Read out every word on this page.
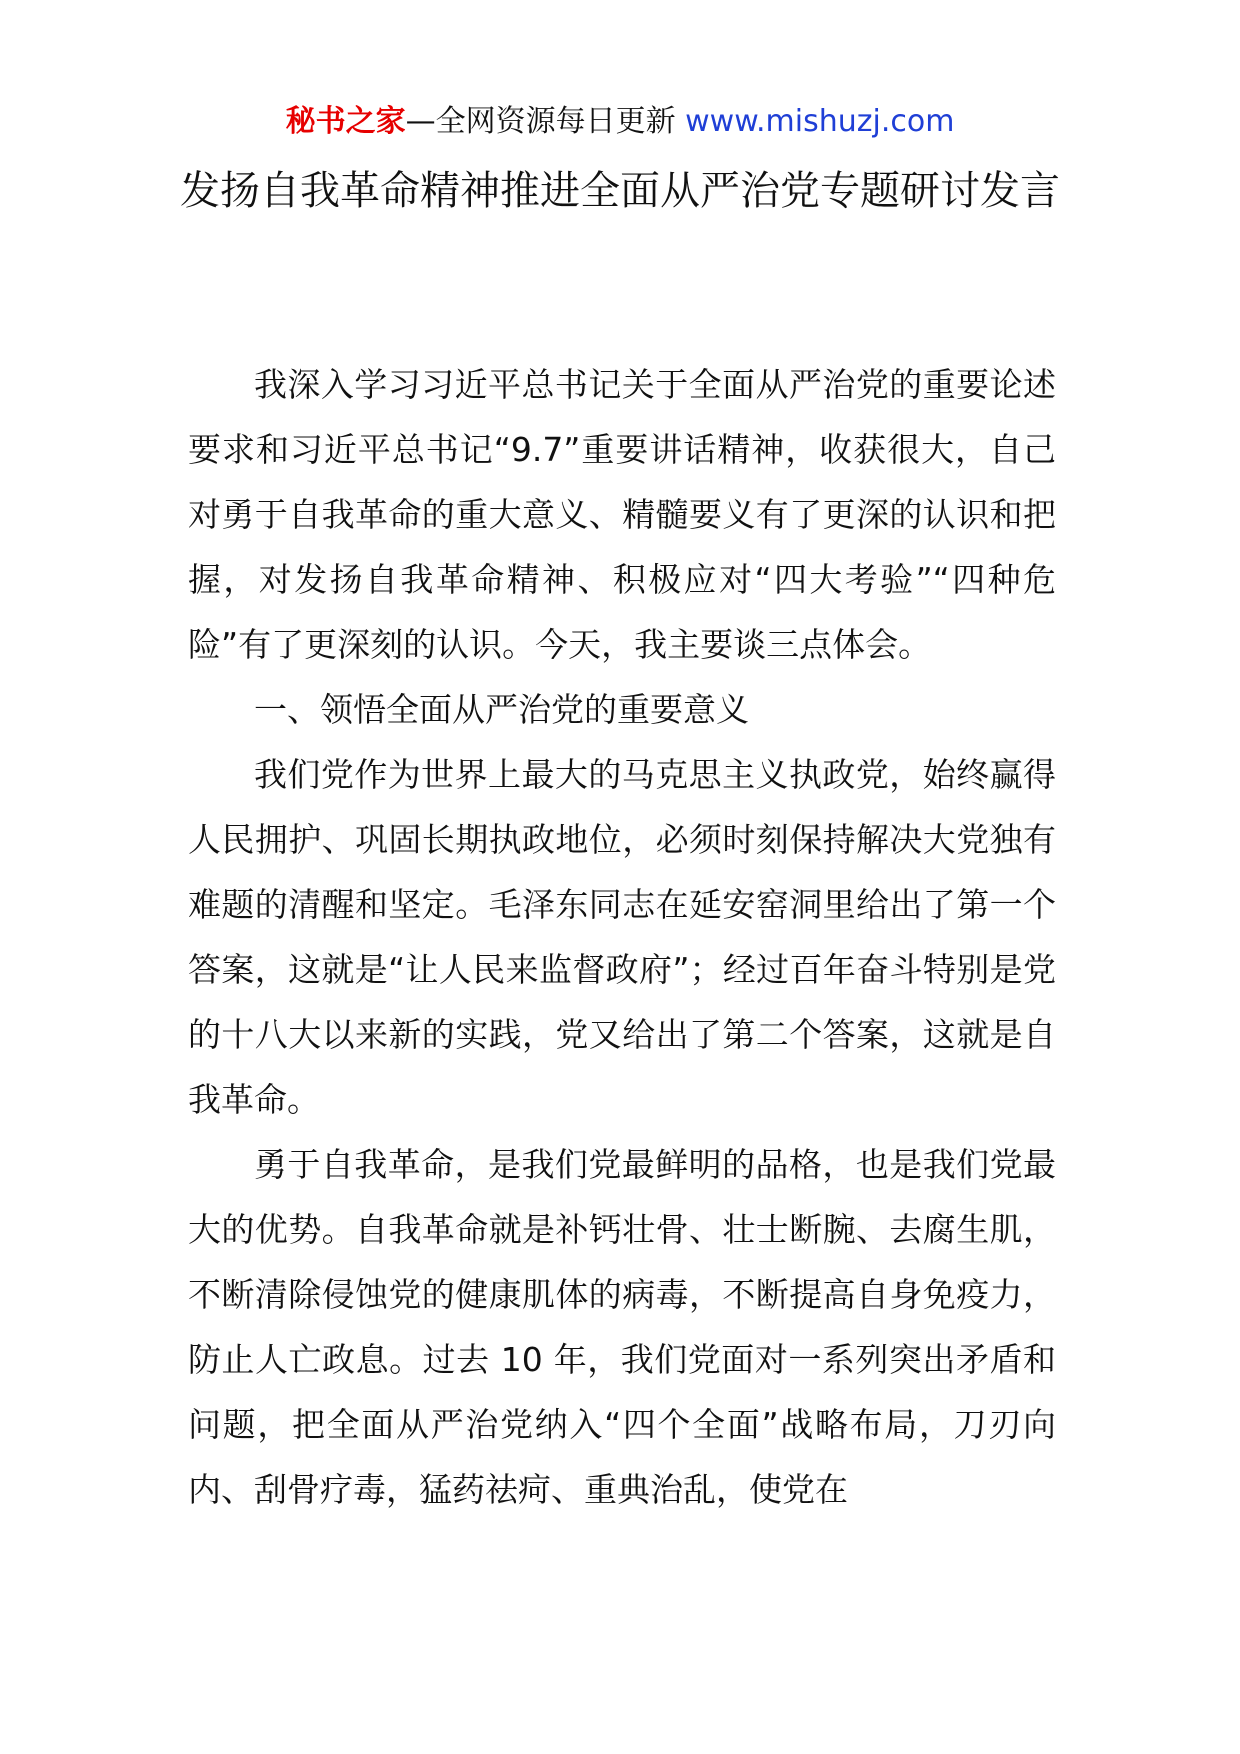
秘书之家—全网资源每日更新 www.mishuzj.com
发扬自我革命精神推进全面从严治党专题研讨发言

我深入学习习近平总书记关于全面从严治党的重要论述要求和习近平总书记“9.7”重要讲话精神，收获很大，自己对勇于自我革命的重大意义、精髓要义有了更深的认识和把握，对发扬自我革命精神、积极应对“四大考验”“四种危险”有了更深刻的认识。今天，我主要谈三点体会。

一、领悟全面从严治党的重要意义

我们党作为世界上最大的马克思主义执政党，始终赢得人民拥护、巩固长期执政地位，必须时刻保持解决大党独有难题的清醒和坚定。毛泽东同志在延安窑洞里给出了第一个答案，这就是“让人民来监督政府”；经过百年奋斗特别是党的十八大以来新的实践，党又给出了第二个答案，这就是自我革命。

勇于自我革命，是我们党最鲜明的品格，也是我们党最大的优势。自我革命就是补钙壮骨、壮士断腕、去腐生肌，不断清除侵蚀党的健康肌体的病毒，不断提高自身免疫力，防止人亡政息。过去 10 年，我们党面对一系列突出矛盾和问题，把全面从严治党纳入“四个全面”战略布局，刀刃向内、刮骨疗毒，猛药祛疴、重典治乱，使党在
